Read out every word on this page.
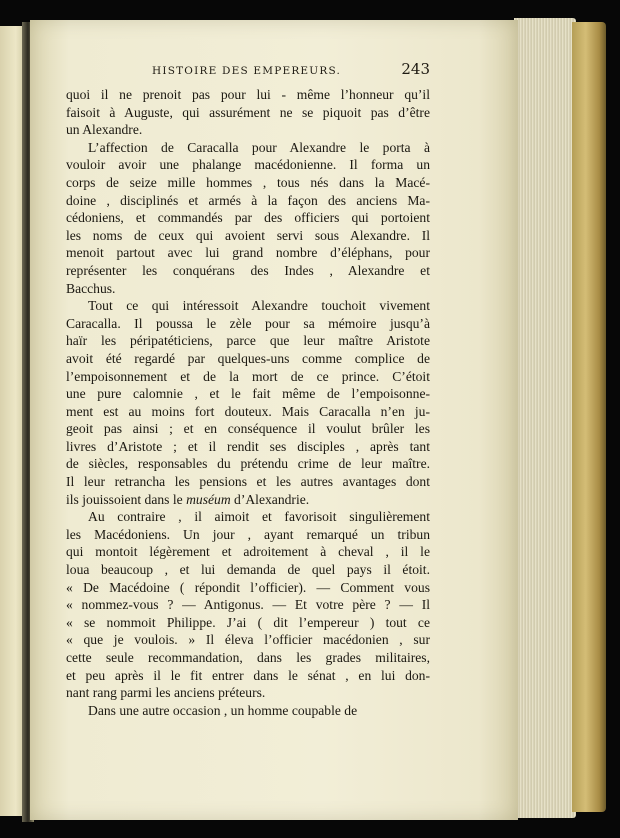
HISTOIRE DES EMPEREURS.	243

quoi il ne prenoit pas pour lui - même l’honneur qu’il
faisoit à Auguste, qui assurément ne se piquoit pas d’être
un Alexandre.

L’affection de Caracalla pour Alexandre le porta à
vouloir avoir une phalange macédonienne. Il forma un
corps de seize mille hommes , tous nés dans la Macé-
doine , disciplinés et armés à la façon des anciens Ma-
cédoniens, et commandés par des officiers qui portoient
les noms de ceux qui avoient servi sous Alexandre. Il
menoit partout avec lui grand nombre d’éléphans, pour
représenter les conquérans des Indes , Alexandre et
Bacchus.

Tout ce qui intéressoit Alexandre touchoit vivement
Caracalla. Il poussa le zèle pour sa mémoire jusqu’à
haïr les péripatéticiens, parce que leur maître Aristote
avoit été regardé par quelques-uns comme complice de
l’empoisonnement et de la mort de ce prince. C’étoit
une pure calomnie , et le fait même de l’empoisonne-
ment est au moins fort douteux. Mais Caracalla n’en ju-
geoit pas ainsi ; et en conséquence il voulut brûler les
livres d’Aristote ; et il rendit ses disciples , après tant
de siècles, responsables du prétendu crime de leur maître.
Il leur retrancha les pensions et les autres avantages dont
ils jouissoient dans le muséum d’Alexandrie.

Au contraire , il aimoit et favorisoit singulièrement
les Macédoniens. Un jour , ayant remarqué un tribun
qui montoit légèrement et adroitement à cheval , il le
loua beaucoup , et lui demanda de quel pays il étoit.
« De Macédoine ( répondit l’officier). — Comment vous
« nommez-vous ? — Antigonus. — Et votre père ? — Il
« se nommoit Philippe. J’ai ( dit l’empereur ) tout ce
« que je voulois. » Il éleva l’officier macédonien , sur
cette seule recommandation, dans les grades militaires,
et peu après il le fit entrer dans le sénat , en lui don-
nant rang parmi les anciens préteurs.

Dans une autre occasion , un homme coupable de
